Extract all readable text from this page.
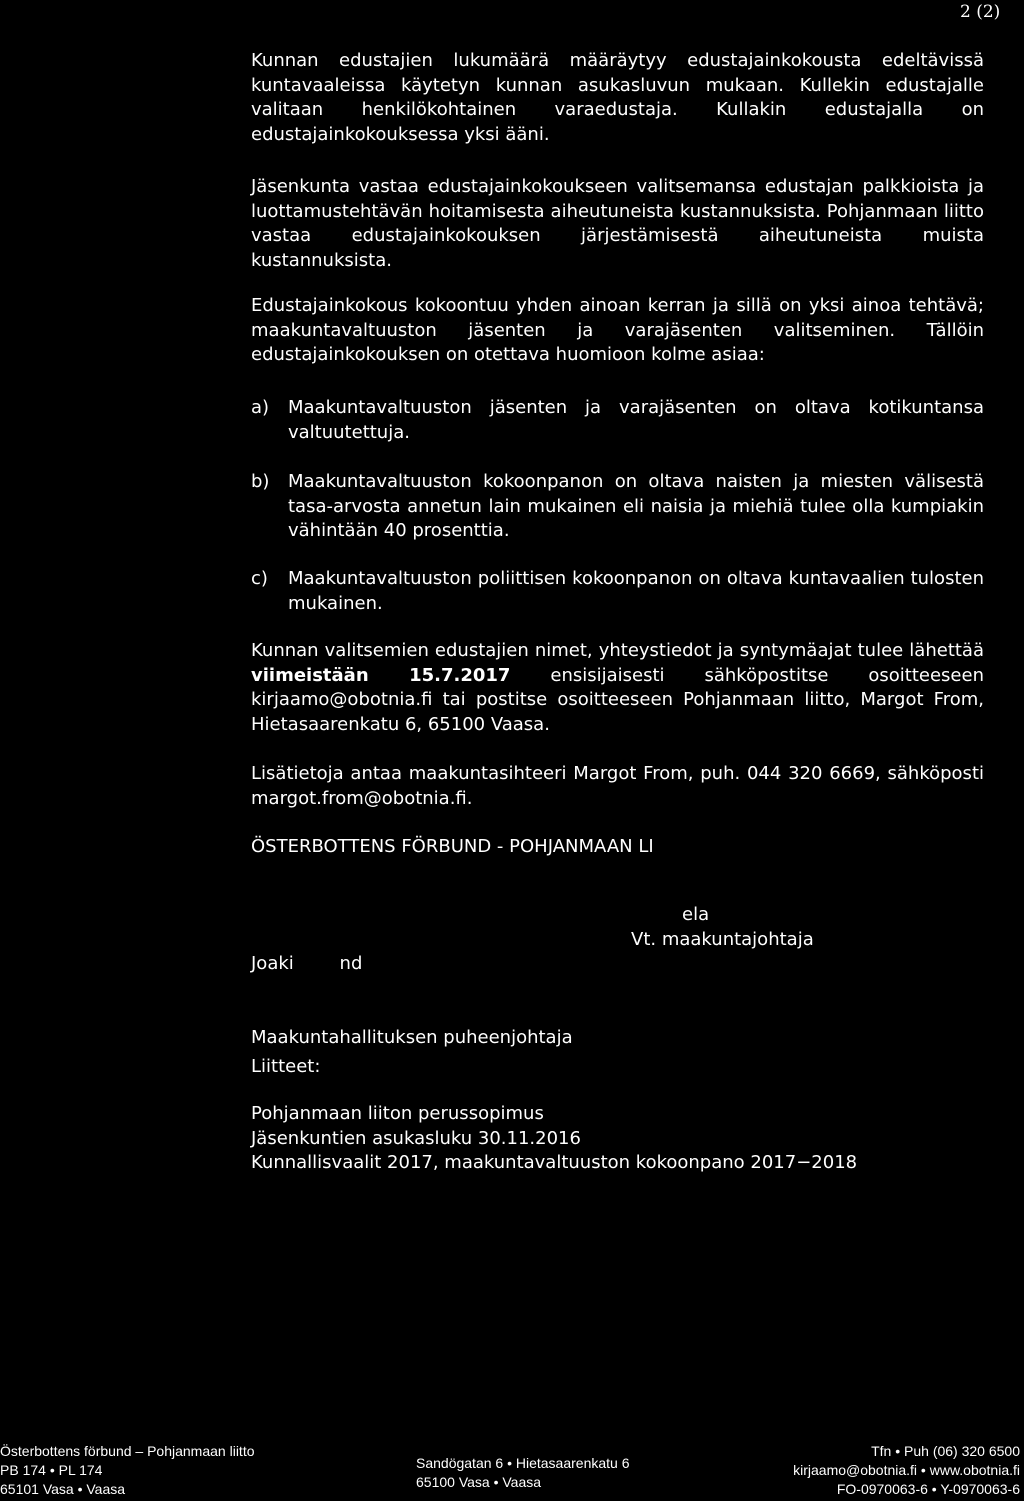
2 (2)

Kunnan edustajien lukumäärä määräytyy edustajainkokousta edeltävissä kuntavaaleissa käytetyn kunnan asukasluvun mukaan. Kullekin edustajalle valitaan henkilökohtainen varaedustaja. Kullakin edustajalla on edustajainkokouksessa yksi ääni.

Jäsenkunta vastaa edustajainkokoukseen valitsemansa edustajan palkkioista ja luottamustehtävän hoitamisesta aiheutuneista kustannuksista. Pohjanmaan liitto vastaa edustajainkokouksen järjestämisestä aiheutuneista muista kustannuksista.

Edustajainkokous kokoontuu yhden ainoan kerran ja sillä on yksi ainoa tehtävä; maakuntavaltuuston jäsenten ja varajäsenten valitseminen. Tällöin edustajainkokouksen on otettava huomioon kolme asiaa:

a) Maakuntavaltuuston jäsenten ja varajäsenten on oltava kotikuntansa valtuutettuja.
b) Maakuntavaltuuston kokoonpanon on oltava naisten ja miesten välisestä tasa-arvosta annetun lain mukainen eli naisia ja miehiä tulee olla kumpiakin vähintään 40 prosenttia.
c) Maakuntavaltuuston poliittisen kokoonpanon on oltava kuntavaalien tulosten mukainen.

Kunnan valitsemien edustajien nimet, yhteystiedot ja syntymäajat tulee lähettää viimeistään 15.7.2017 ensisijaisesti sähköpostitse osoitteeseen kirjaamo@obotnia.fi tai postitse osoitteeseen Pohjanmaan liitto, Margot From, Hietasaarenkatu 6, 65100 Vaasa.

Lisätietoja antaa maakuntasihteeri Margot From, puh. 044 320 6669, sähköposti margot.from@obotnia.fi.

ÖSTERBOTTENS FÖRBUND - POHJANMAAN LI

Joaki        nd

Maakuntahallituksen puheenjohtaja

ela
Vt. maakuntajohtaja
Liitteet:
Pohjanmaan liiton perussopimus
Jäsenkuntien asukasluku 30.11.2016
Kunnallisvaalit 2017, maakuntavaltuuston kokoonpano 2017−2018
Österbottens förbund – Pohjanmaan liitto
PB 174 • PL 174
65101 Vasa • Vaasa
Sandögatan 6 • Hietasaarenkatu 6
65100 Vasa • Vaasa
Tfn • Puh (06) 320 6500
kirjaamo@obotnia.fi • www.obotnia.fi
FO-0970063-6 • Y-0970063-6
